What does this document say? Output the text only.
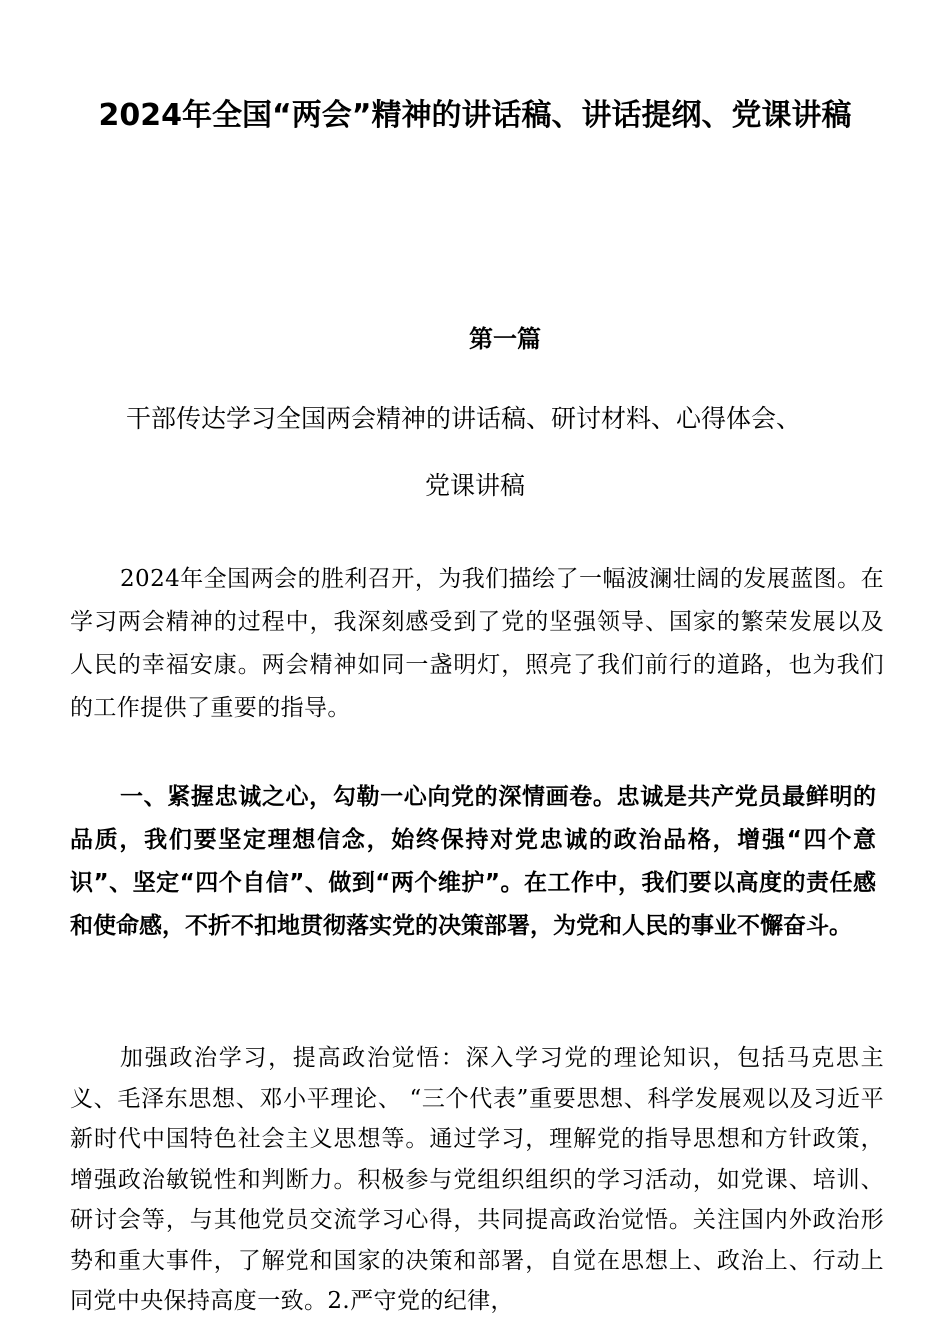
2024年全国“两会”精神的讲话稿、讲话提纲、党课讲稿
第一篇
干部传达学习全国两会精神的讲话稿、研讨材料、心得体会、
党课讲稿

2024年全国两会的胜利召开，为我们描绘了一幅波澜壮阔的发展蓝图。在学习两会精神的过程中，我深刻感受到了党的坚强领导、国家的繁荣发展以及人民的幸福安康。两会精神如同一盏明灯，照亮了我们前行的道路，也为我们的工作提供了重要的指导。

一、紧握忠诚之心，勾勒一心向党的深情画卷。忠诚是共产党员最鲜明的品质，我们要坚定理想信念，始终保持对党忠诚的政治品格，增强“四个意识”、坚定“四个自信”、做到“两个维护”。在工作中，我们要以高度的责任感和使命感，不折不扣地贯彻落实党的决策部署，为党和人民的事业不懈奋斗。

加强政治学习，提高政治觉悟：深入学习党的理论知识，包括马克思主义、毛泽东思想、邓小平理论、 “三个代表”重要思想、科学发展观以及习近平新时代中国特色社会主义思想等。通过学习，理解党的指导思想和方针政策，增强政治敏锐性和判断力。积极参与党组织组织的学习活动，如党课、培训、研讨会等，与其他党员交流学习心得，共同提高政治觉悟。关注国内外政治形势和重大事件，了解党和国家的决策和部署，自觉在思想上、政治上、行动上同党中央保持高度一致。2.严守党的纪律，
